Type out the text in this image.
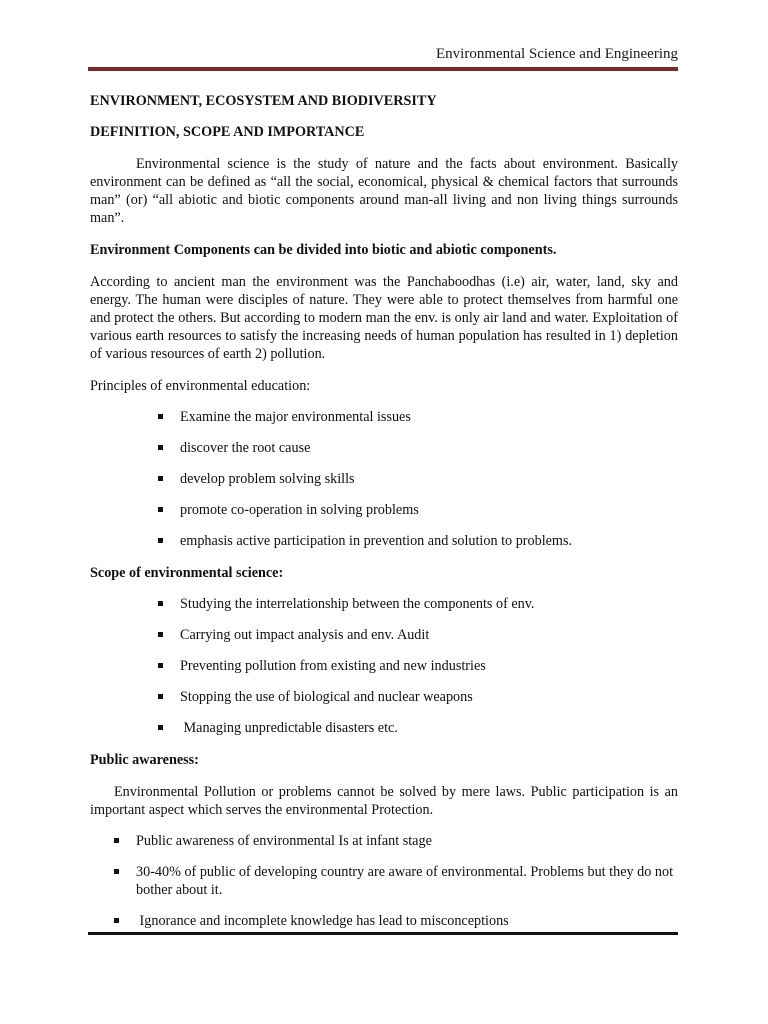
Environmental Science and Engineering

ENVIRONMENT, ECOSYSTEM AND BIODIVERSITY

DEFINITION, SCOPE AND IMPORTANCE

Environmental science is the study of nature and the facts about environment. Basically environment can be defined as “all the social, economical, physical & chemical factors that surrounds man” (or) “all abiotic and biotic components around man-all living and non living things surrounds man”.

Environment Components can be divided into biotic and abiotic components.

According to ancient man the environment was the Panchaboodhas (i.e) air, water, land, sky and energy. The human were disciples of nature. They were able to protect themselves from harmful one and protect the others. But according to modern man the env. is only air land and water. Exploitation of various earth resources to satisfy the increasing needs of human population has resulted in 1) depletion of various resources of earth 2) pollution.

Principles of environmental education:

Examine the major environmental issues
discover the root cause
develop problem solving skills
promote co-operation in solving problems
emphasis active participation in prevention and solution to problems.

Scope of environmental science:

Studying the interrelationship between the components of env.
Carrying out impact analysis and env. Audit
Preventing pollution from existing and new industries
Stopping the use of biological and nuclear weapons
Managing unpredictable disasters etc.

Public awareness:

Environmental Pollution or problems cannot be solved by mere laws. Public participation is an important aspect which serves the environmental Protection.

Public awareness of environmental Is at infant stage
30-40% of public of developing country are aware of environmental. Problems but they do not bother about it.
Ignorance and incomplete knowledge has lead to misconceptions
